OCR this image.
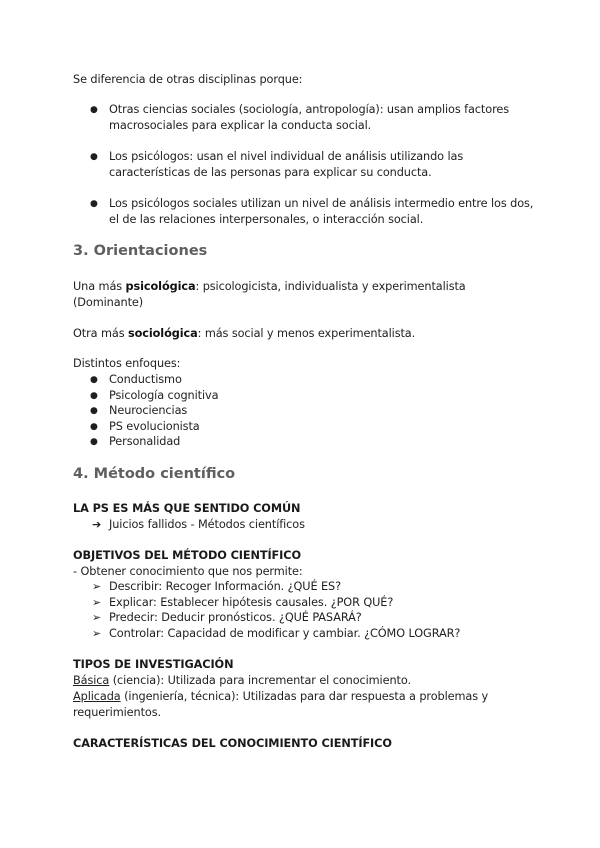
Se diferencia de otras disciplinas porque:
● Otras ciencias sociales (sociología, antropología): usan amplios factores
macrosociales para explicar la conducta social.
● Los psicólogos: usan el nivel individual de análisis utilizando las
características de las personas para explicar su conducta.
● Los psicólogos sociales utilizan un nivel de análisis intermedio entre los dos,
el de las relaciones interpersonales, o interacción social.
3. Orientaciones
Una más psicológica: psicologicista, individualista y experimentalista
(Dominante)
Otra más sociológica: más social y menos experimentalista.
Distintos enfoques:
● Conductismo
● Psicología cognitiva
● Neurociencias
● PS evolucionista
● Personalidad
4. Método científico
LA PS ES MÁS QUE SENTIDO COMÚN
➔ Juicios fallidos - Métodos científicos
OBJETIVOS DEL MÉTODO CIENTÍFICO
- Obtener conocimiento que nos permite:
➢ Describir: Recoger Información. ¿QUÉ ES?
➢ Explicar: Establecer hipótesis causales. ¿POR QUÉ?
➢ Predecir: Deducir pronósticos. ¿QUÉ PASARÁ?
➢ Controlar: Capacidad de modificar y cambiar. ¿CÓMO LOGRAR?
TIPOS DE INVESTIGACIÓN
Básica (ciencia): Utilizada para incrementar el conocimiento.
Aplicada (ingeniería, técnica): Utilizadas para dar respuesta a problemas y
requerimientos.
CARACTERÍSTICAS DEL CONOCIMIENTO CIENTÍFICO
